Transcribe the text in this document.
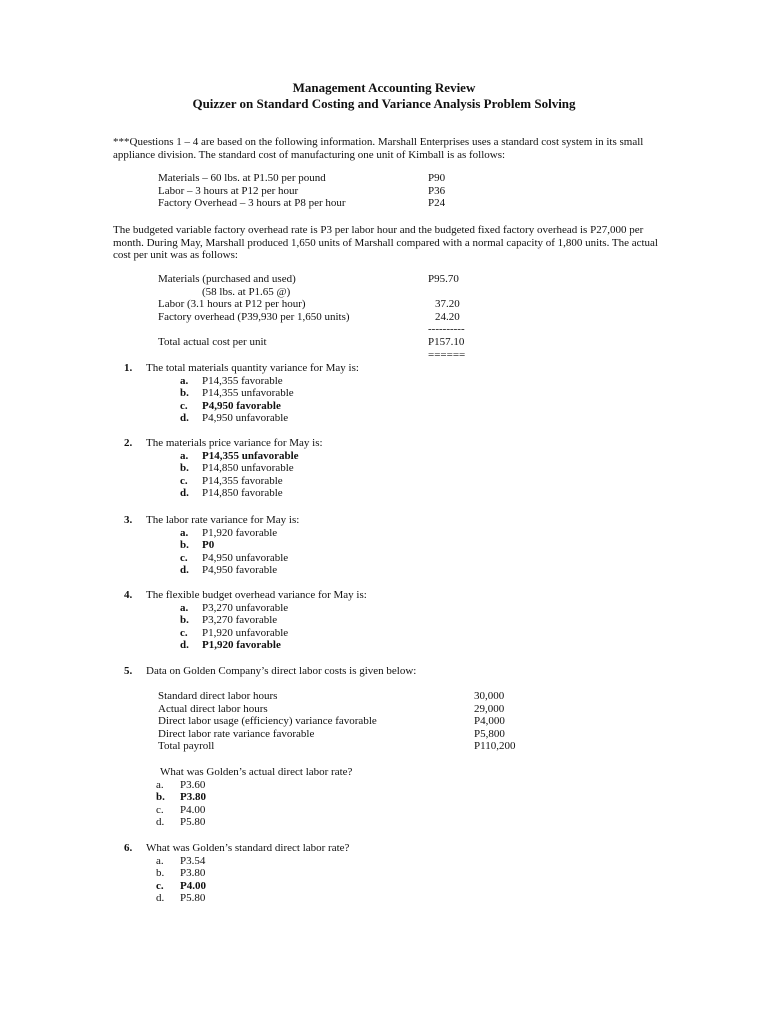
Management Accounting Review
Quizzer on Standard Costing and Variance Analysis Problem Solving

***Questions 1 – 4 are based on the following information. Marshall Enterprises uses a standard cost system in its small appliance division. The standard cost of manufacturing one unit of Kimball is as follows:

Materials – 60 lbs. at P1.50 per pound	P90
Labor – 3 hours at P12 per hour	P36
Factory Overhead – 3 hours at P8 per hour	P24
The budgeted variable factory overhead rate is P3 per labor hour and the budgeted fixed factory overhead is P27,000 per month. During May, Marshall produced 1,650 units of Marshall compared with a normal capacity of 1,800 units. The actual cost per unit was as follows:
Materials (purchased and used)	P95.70
(58 lbs. at P1.65 @)
Labor (3.1 hours at P12 per hour)	37.20
Factory overhead (P39,930 per 1,650 units)	24.20
----------
Total actual cost per unit	P157.10
======
1. The total materials quantity variance for May is:
a. P14,355 favorable
b. P14,355 unfavorable
c. P4,950 favorable
d. P4,950 unfavorable
2. The materials price variance for May is:
a. P14,355 unfavorable
b. P14,850 unfavorable
c. P14,355 favorable
d. P14,850 favorable
3. The labor rate variance for May is:
a. P1,920 favorable
b. P0
c. P4,950 unfavorable
d. P4,950 favorable
4. The flexible budget overhead variance for May is:
a. P3,270 unfavorable
b. P3,270 favorable
c. P1,920 unfavorable
d. P1,920 favorable
5. Data on Golden Company’s direct labor costs is given below:
Standard direct labor hours	30,000
Actual direct labor hours	29,000
Direct labor usage (efficiency) variance favorable	P4,000
Direct labor rate variance favorable	P5,800
Total payroll	P110,200
What was Golden’s actual direct labor rate?
a. P3.60
b. P3.80
c. P4.00
d. P5.80
6. What was Golden’s standard direct labor rate?
a. P3.54
b. P3.80
c. P4.00
d. P5.80
